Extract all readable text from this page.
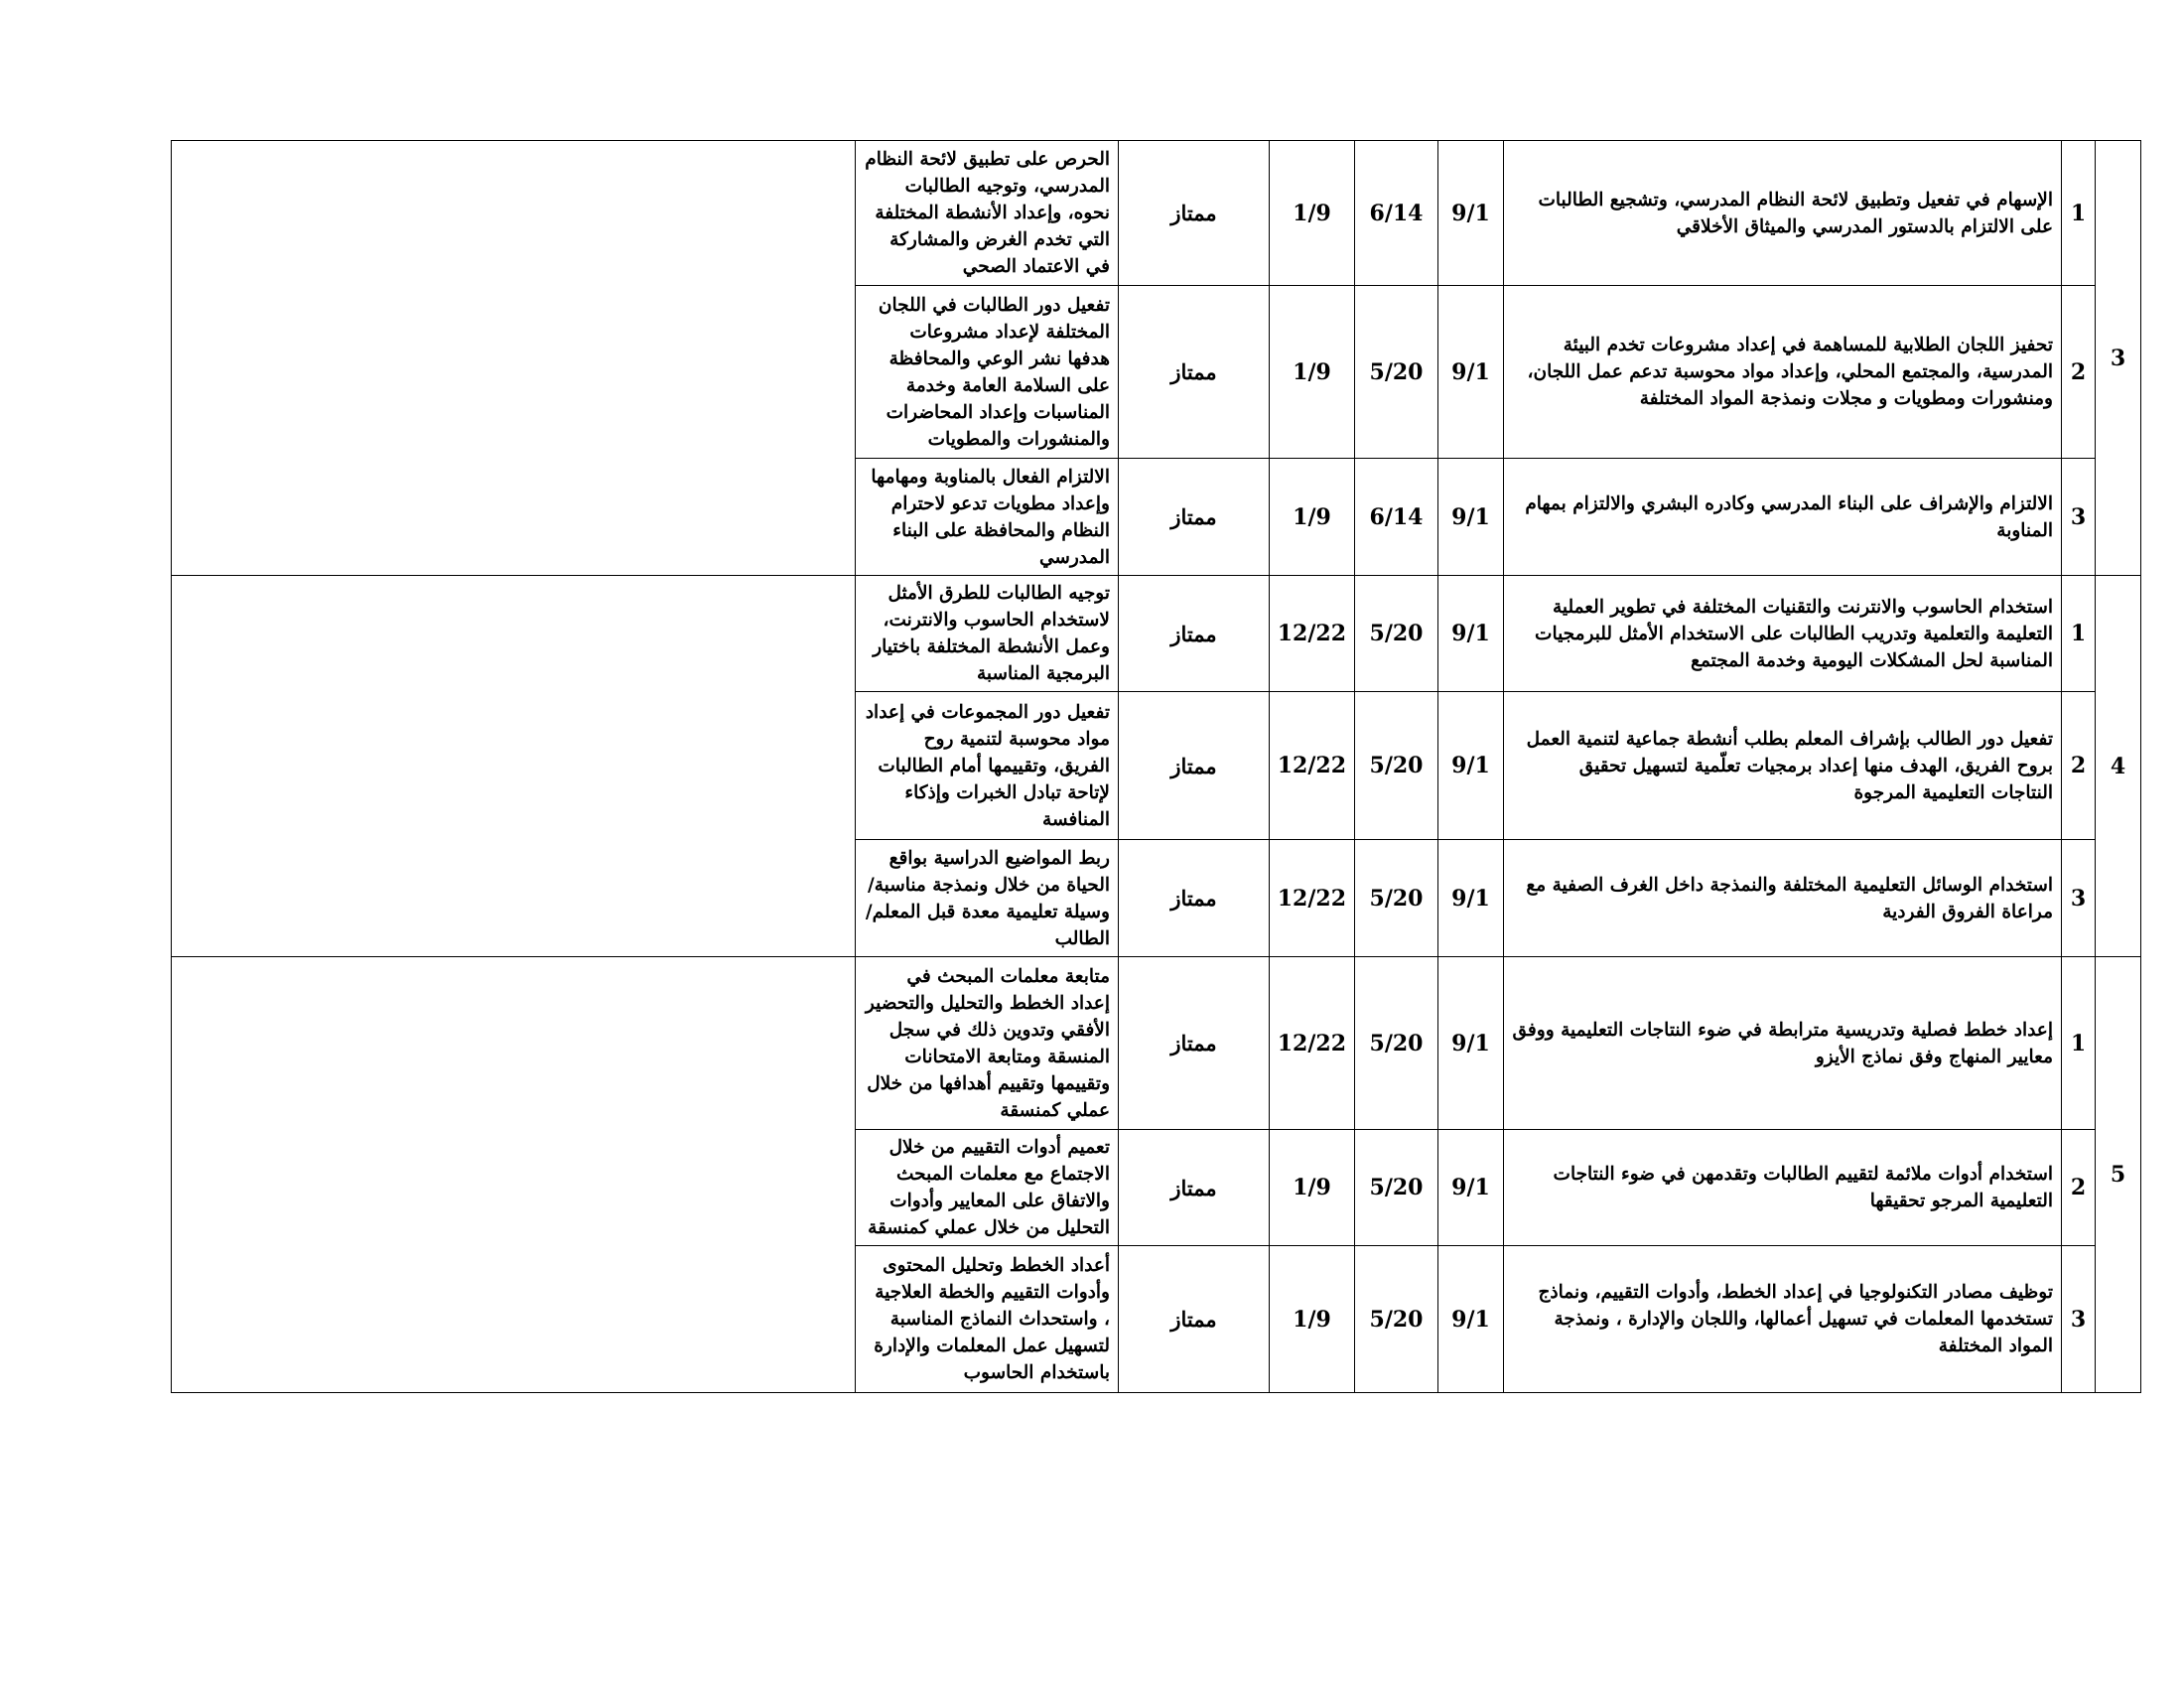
3	1	الإسهام في تفعيل وتطبيق لائحة النظام المدرسي، وتشجيع الطالبات على الالتزام بالدستور المدرسي والميثاق الأخلاقي	9/1	6/14	1/9	ممتاز	الحرص على تطبيق لائحة النظام المدرسي، وتوجيه الطالبات نحوه، وإعداد الأنشطة المختلفة التي تخدم الغرض والمشاركة في الاعتماد الصحي	
	2	تحفيز اللجان الطلابية للمساهمة في إعداد مشروعات تخدم البيئة المدرسية، والمجتمع المحلي، وإعداد مواد محوسبة تدعم عمل اللجان، ومنشورات ومطويات و مجلات ونمذجة المواد المختلفة	9/1	5/20	1/9	ممتاز	تفعيل دور الطالبات في اللجان المختلفة لإعداد مشروعات هدفها نشر الوعي والمحافظة على السلامة العامة وخدمة المناسبات وإعداد المحاضرات والمنشورات والمطويات	
	3	الالتزام والإشراف على البناء المدرسي وكادره البشري والالتزام بمهام المناوبة	9/1	6/14	1/9	ممتاز	الالتزام الفعال بالمناوبة ومهامها وإعداد مطويات تدعو لاحترام النظام والمحافظة على البناء المدرسي	
4	1	استخدام الحاسوب والانترنت والتقنيات المختلفة في تطوير العملية التعليمة والتعلمية وتدريب الطالبات على الاستخدام الأمثل للبرمجيات المناسبة لحل المشكلات اليومية وخدمة المجتمع	9/1	5/20	12/22	ممتاز	توجيه الطالبات للطرق الأمثل لاستخدام الحاسوب والانترنت، وعمل الأنشطة المختلفة باختيار البرمجية المناسبة	
	2	تفعيل دور الطالب بإشراف المعلم بطلب أنشطة جماعية لتنمية العمل بروح الفريق، الهدف منها إعداد برمجيات تعلّمية لتسهيل تحقيق النتاجات التعليمية المرجوة	9/1	5/20	12/22	ممتاز	تفعيل دور المجموعات في إعداد مواد محوسبة لتنمية روح الفريق، وتقييمها أمام الطالبات لإتاحة تبادل الخبرات وإذكاء المنافسة	
	3	استخدام الوسائل التعليمية المختلفة والنمذجة داخل الغرف الصفية مع مراعاة الفروق الفردية	9/1	5/20	12/22	ممتاز	ربط المواضيع الدراسية بواقع الحياة من خلال ونمذجة مناسبة/وسيلة تعليمية معدة قبل المعلم/الطالب	
5	1	إعداد خطط فصلية وتدريسية مترابطة في ضوء النتاجات التعليمية ووفق معايير المنهاج وفق نماذج الأيزو	9/1	5/20	12/22	ممتاز	متابعة معلمات المبحث في إعداد الخطط والتحليل والتحضير الأفقي وتدوين ذلك في سجل المنسقة ومتابعة الامتحانات وتقييمها وتقييم أهدافها من خلال عملي كمنسقة	
	2	استخدام أدوات ملائمة لتقييم الطالبات وتقدمهن في ضوء النتاجات التعليمية المرجو تحقيقها	9/1	5/20	1/9	ممتاز	تعميم أدوات التقييم من خلال الاجتماع مع معلمات المبحث والاتفاق على المعايير وأدوات التحليل من خلال عملي كمنسقة	
	3	توظيف مصادر التكنولوجيا في إعداد الخطط، وأدوات التقييم، ونماذج تستخدمها المعلمات في تسهيل أعمالها، واللجان والإدارة ، ونمذجة المواد المختلفة	9/1	5/20	1/9	ممتاز	أعداد الخطط وتحليل المحتوى وأدوات التقييم والخطة العلاجية ، واستحداث النماذج المناسبة لتسهيل عمل المعلمات والإدارة باستخدام الحاسوب	
